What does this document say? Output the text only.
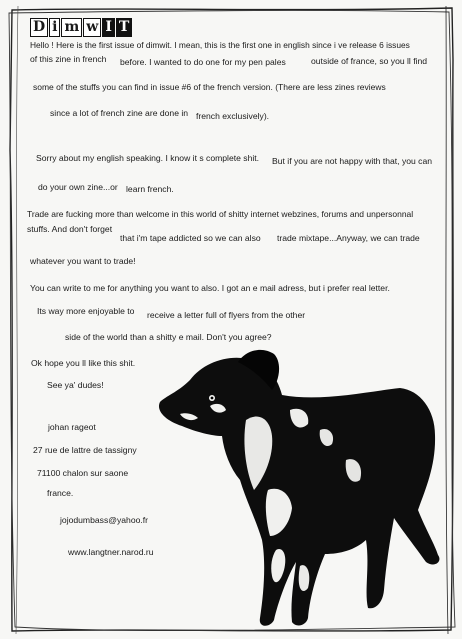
D i m w I T
Hello ! Here is the first issue of dimwit. I mean, this is the first one in english since i ve release 6 issues
of this zine in french before. I wanted to do one for my pen pales	outside of france, so you ll find
some of the stuffs you can find in issue #6 of the french version. (There are less zines reviews
since a lot of french zine are done in french exclusively).
Sorry about my english speaking. I know it s complete shit. But if you are not happy with that, you can
do your own zine...or learn french.
Trade are fucking more than welcome in this world of shitty internet webzines, forums and unpersonnal
stuffs. And don't forget
that i'm tape addicted so we can also trade mixtape...Anyway, we can trade
whatever you want to trade!
You can write to me for anything you want to also. I got an e mail adress, but i prefer real letter.
Its way more enjoyable to receive a letter full of flyers from the other
side of the world than a shitty e mail. Don't you agree?
Ok hope you ll like this shit.
See ya' dudes!
johan rageot
27 rue de lattre de tassigny
71100 chalon sur saone
france.
jojodumbass@yahoo.fr
www.langtner.narod.ru
